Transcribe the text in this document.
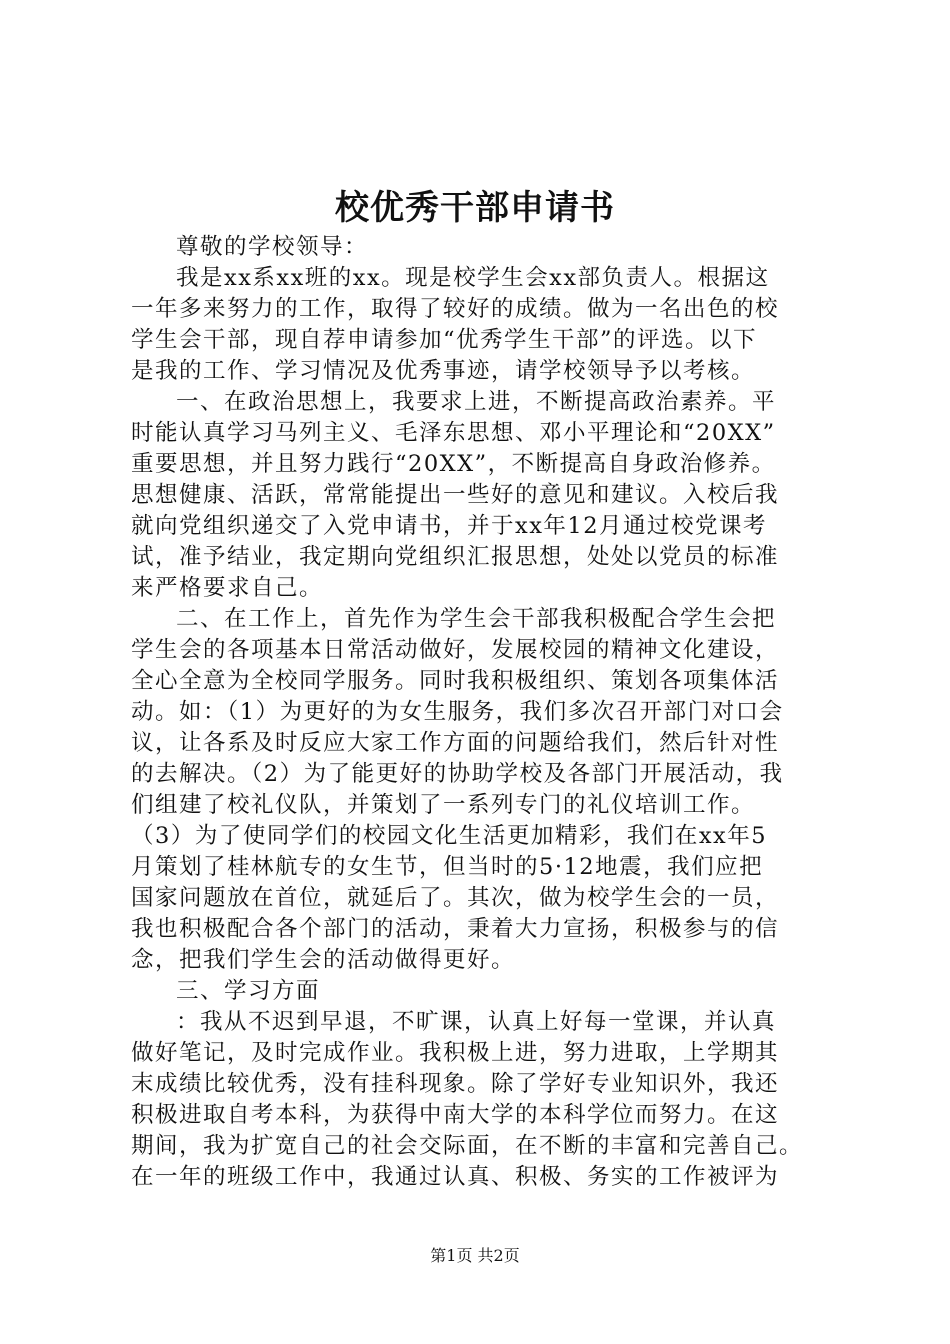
校优秀干部申请书
尊敬的学校领导：
我是xx系xx班的xx。现是校学生会xx部负责人。根据这
一年多来努力的工作，取得了较好的成绩。做为一名出色的校
学生会干部，现自荐申请参加“优秀学生干部”的评选。以下
是我的工作、学习情况及优秀事迹，请学校领导予以考核。
一、在政治思想上，我要求上进，不断提高政治素养。平
时能认真学习马列主义、毛泽东思想、邓小平理论和“20XX”
重要思想，并且努力践行“20XX”，不断提高自身政治修养。
思想健康、活跃，常常能提出一些好的意见和建议。入校后我
就向党组织递交了入党申请书，并于xx年12月通过校党课考
试，准予结业，我定期向党组织汇报思想，处处以党员的标准
来严格要求自己。
二、在工作上，首先作为学生会干部我积极配合学生会把
学生会的各项基本日常活动做好，发展校园的精神文化建设，
全心全意为全校同学服务。同时我积极组织、策划各项集体活
动。如：（1）为更好的为女生服务，我们多次召开部门对口会
议，让各系及时反应大家工作方面的问题给我们，然后针对性
的去解决。（2）为了能更好的协助学校及各部门开展活动，我
们组建了校礼仪队，并策划了一系列专门的礼仪培训工作。
（3）为了使同学们的校园文化生活更加精彩，我们在xx年5
月策划了桂林航专的女生节，但当时的5·12地震，我们应把
国家问题放在首位，就延后了。其次，做为校学生会的一员，
我也积极配合各个部门的活动，秉着大力宣扬，积极参与的信
念，把我们学生会的活动做得更好。
三、学习方面
：我从不迟到早退，不旷课，认真上好每一堂课，并认真
做好笔记，及时完成作业。我积极上进，努力进取，上学期其
末成绩比较优秀，没有挂科现象。除了学好专业知识外，我还
积极进取自考本科，为获得中南大学的本科学位而努力。在这
期间，我为扩宽自己的社会交际面，在不断的丰富和完善自己。
在一年的班级工作中，我通过认真、积极、务实的工作被评为
第1页 共2页
